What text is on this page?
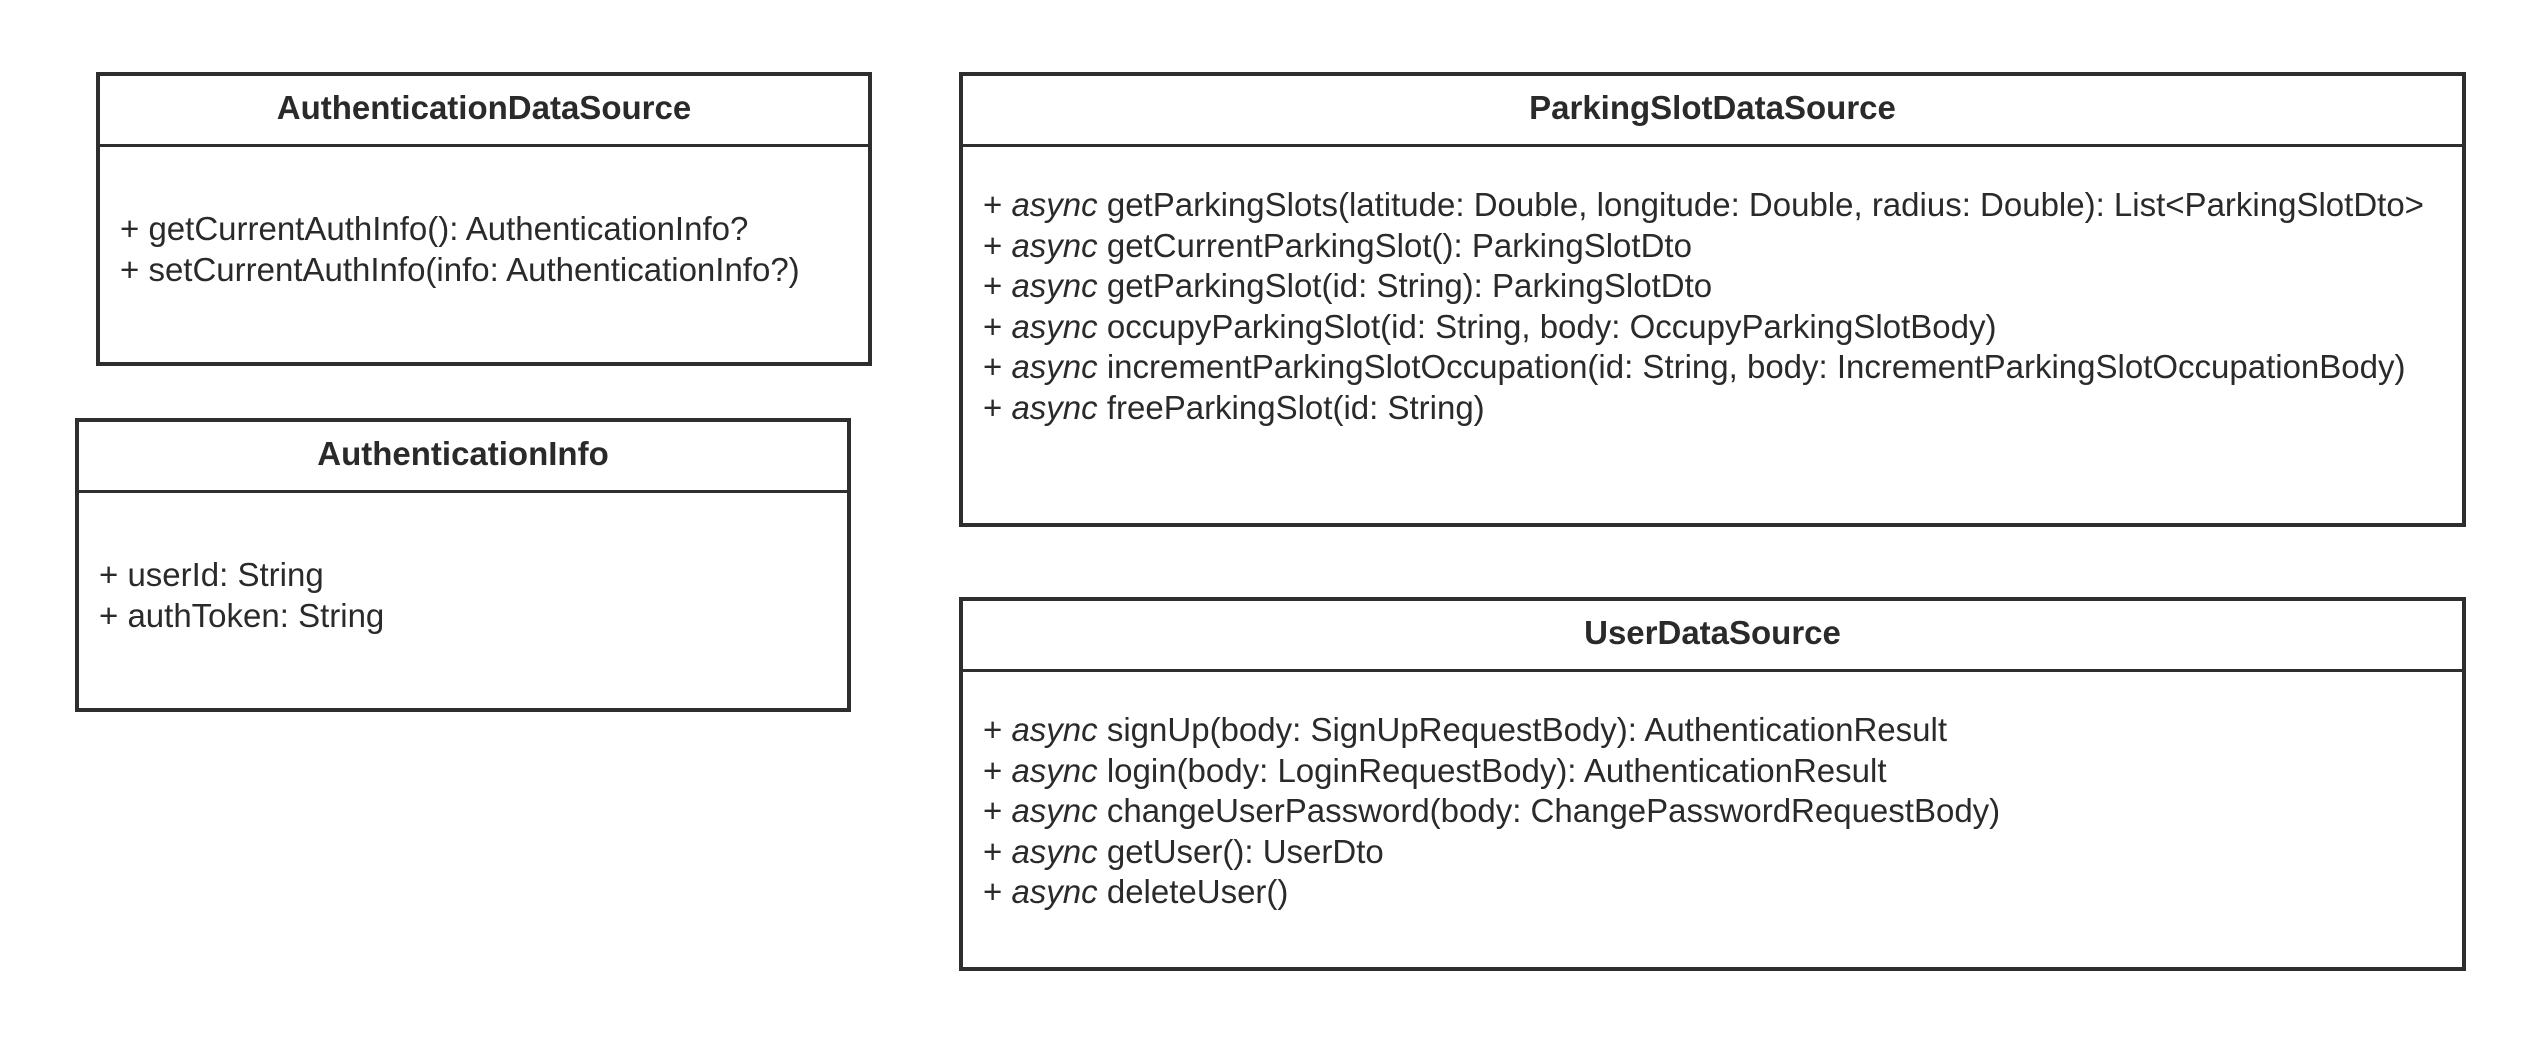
AuthenticationDataSource
+ getCurrentAuthInfo(): AuthenticationInfo?
+ setCurrentAuthInfo(info: AuthenticationInfo?)
AuthenticationInfo
+ userId: String
+ authToken: String
ParkingSlotDataSource
+ async getParkingSlots(latitude: Double, longitude: Double, radius: Double): List<ParkingSlotDto>
+ async getCurrentParkingSlot(): ParkingSlotDto
+ async getParkingSlot(id: String): ParkingSlotDto
+ async occupyParkingSlot(id: String, body: OccupyParkingSlotBody)
+ async incrementParkingSlotOccupation(id: String, body: IncrementParkingSlotOccupationBody)
+ async freeParkingSlot(id: String)
UserDataSource
+ async signUp(body: SignUpRequestBody): AuthenticationResult
+ async login(body: LoginRequestBody): AuthenticationResult
+ async changeUserPassword(body: ChangePasswordRequestBody)
+ async getUser(): UserDto
+ async deleteUser()
